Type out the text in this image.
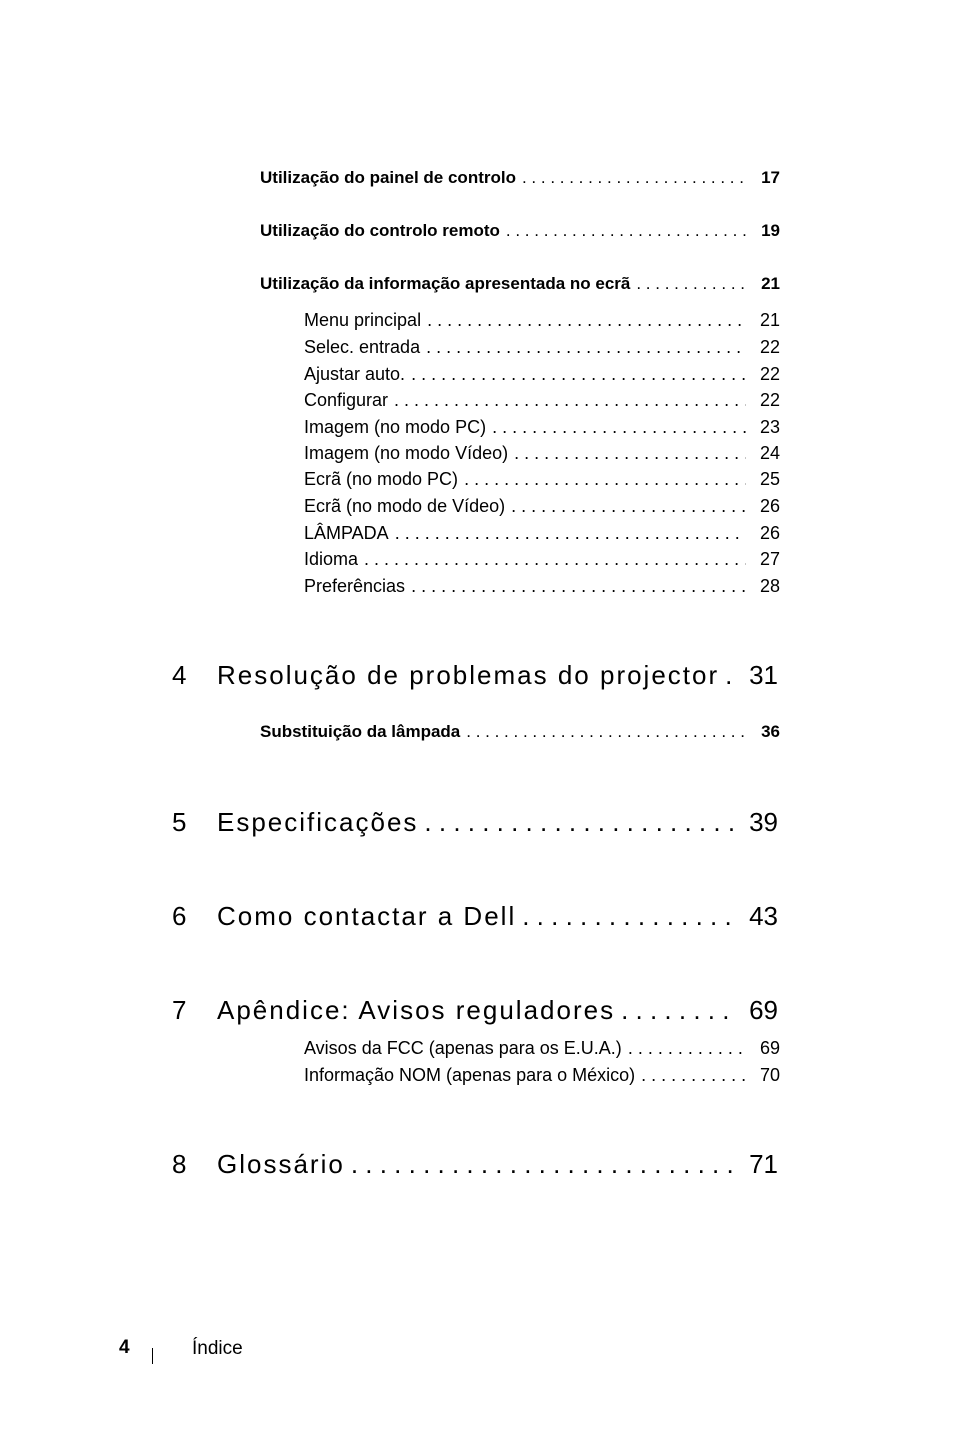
Utilização do painel de controlo . . .	17
Utilização do controlo remoto . . .	19
Utilização da informação apresentada no ecrã . . .	21
Menu principal . . .	21
Selec. entrada . . .	22
Ajustar auto. . . .	22
Configurar . . .	22
Imagem (no modo PC) . . .	23
Imagem (no modo Vídeo) . . .	24
Ecrã (no modo PC) . . .	25
Ecrã (no modo de Vídeo) . . .	26
LÂMPADA . . .	26
Idioma . . .	27
Preferências . . .	28
4	Resolução de problemas do projector . . .	31
Substituição da lâmpada . . .	36
5	Especificações . . .	39
6	Como contactar a Dell . . .	43
7	Apêndice: Avisos reguladores . . .	69
Avisos da FCC (apenas para os E.U.A.) . . .	69
Informação NOM (apenas para o México) . . .	70
8	Glossário . . .	71
4	Índice
